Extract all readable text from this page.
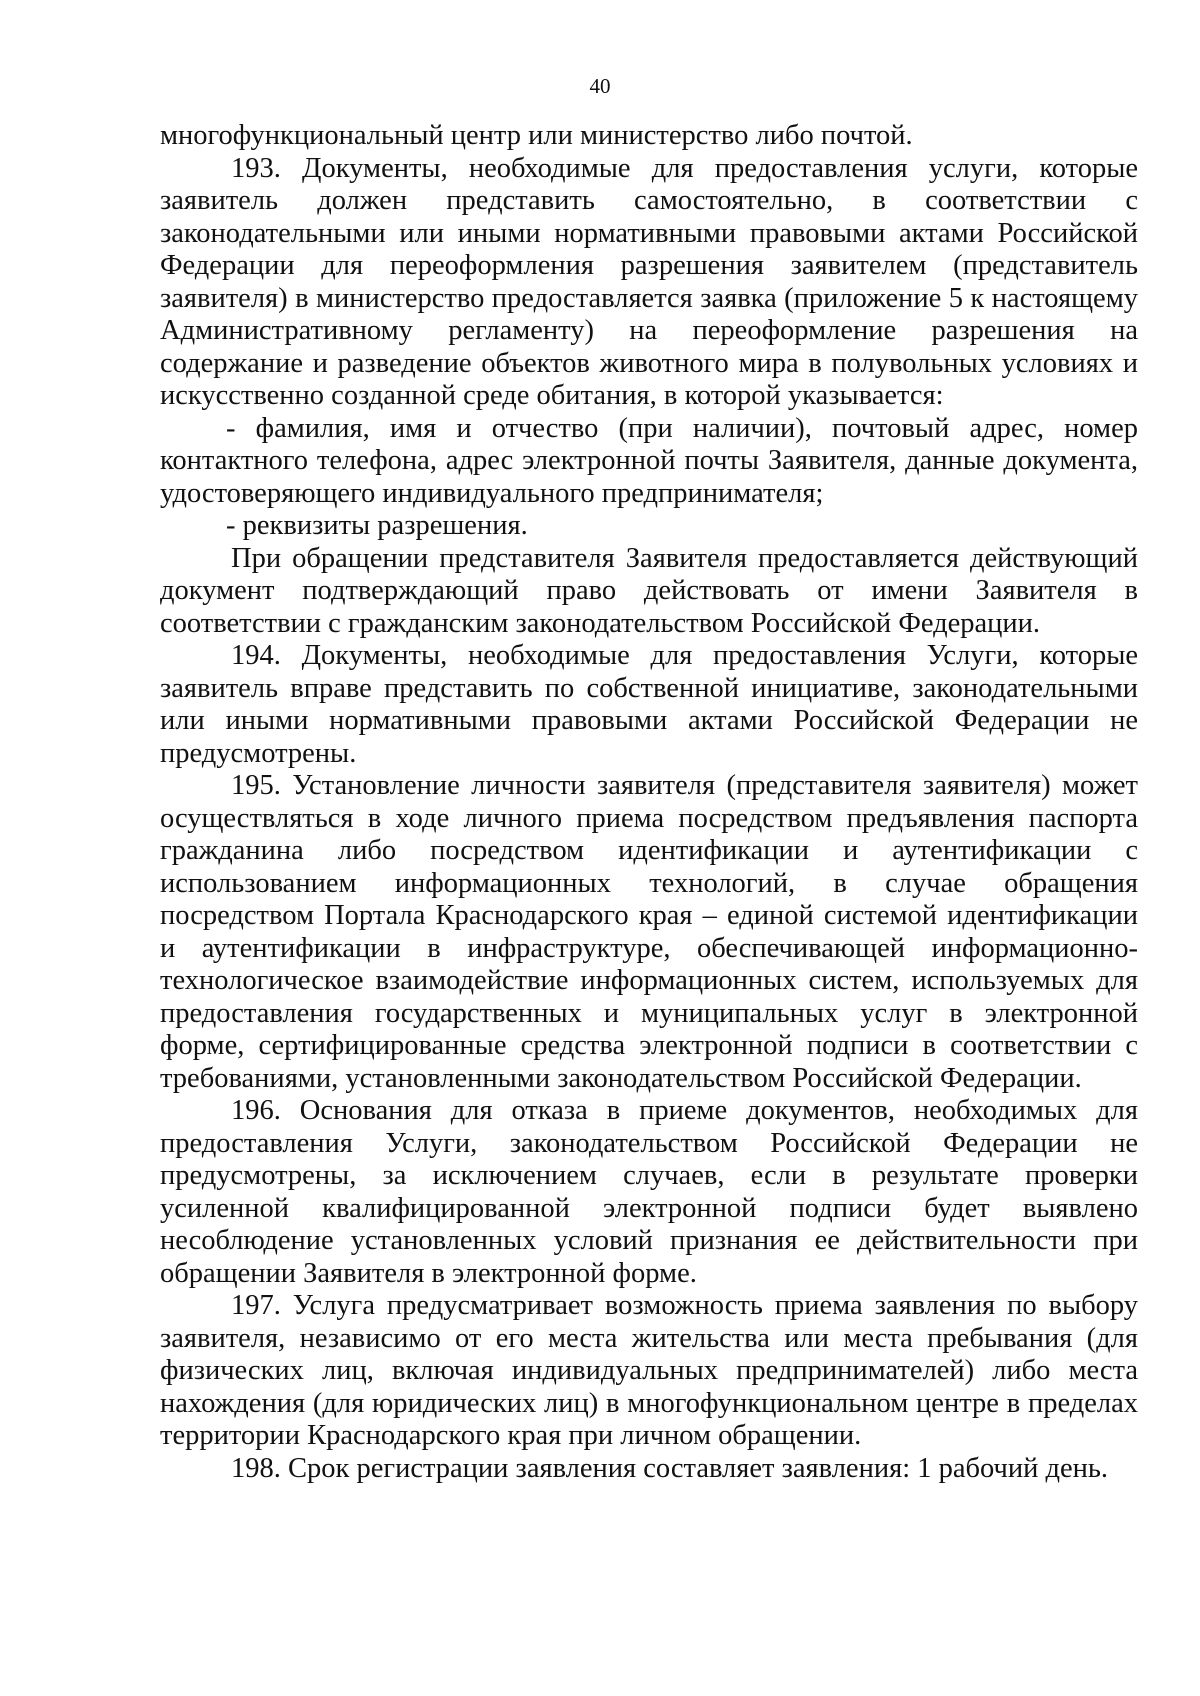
40

многофункциональный центр или министерство либо почтой.

193. Документы, необходимые для предоставления услуги, которые заявитель должен представить самостоятельно, в соответствии с законодательными или иными нормативными правовыми актами Российской Федерации для переоформления разрешения заявителем (представитель заявителя) в министерство предоставляется заявка (приложение 5 к настоящему Административному регламенту) на переоформление разрешения на содержание и разведение объектов животного мира в полувольных условиях и искусственно созданной среде обитания, в которой указывается:

- фамилия, имя и отчество (при наличии), почтовый адрес, номер контактного телефона, адрес электронной почты Заявителя, данные документа, удостоверяющего индивидуального предпринимателя;

- реквизиты разрешения.

При обращении представителя Заявителя предоставляется действующий документ подтверждающий право действовать от имени Заявителя в соответствии с гражданским законодательством Российской Федерации.

194. Документы, необходимые для предоставления Услуги, которые заявитель вправе представить по собственной инициативе, законодательными или иными нормативными правовыми актами Российской Федерации не предусмотрены.

195. Установление личности заявителя (представителя заявителя) может осуществляться в ходе личного приема посредством предъявления паспорта гражданина либо посредством идентификации и аутентификации с использованием информационных технологий, в случае обращения посредством Портала Краснодарского края – единой системой идентификации и аутентификации в инфраструктуре, обеспечивающей информационно-технологическое взаимодействие информационных систем, используемых для предоставления государственных и муниципальных услуг в электронной форме, сертифицированные средства электронной подписи в соответствии с требованиями, установленными законодательством Российской Федерации.

196. Основания для отказа в приеме документов, необходимых для предоставления Услуги, законодательством Российской Федерации не предусмотрены, за исключением случаев, если в результате проверки усиленной квалифицированной электронной подписи будет выявлено несоблюдение установленных условий признания ее действительности при обращении Заявителя в электронной форме.

197. Услуга предусматривает возможность приема заявления по выбору заявителя, независимо от его места жительства или места пребывания (для физических лиц, включая индивидуальных предпринимателей) либо места нахождения (для юридических лиц) в многофункциональном центре в пределах территории Краснодарского края при личном обращении.

198. Срок регистрации заявления составляет заявления: 1 рабочий день.
